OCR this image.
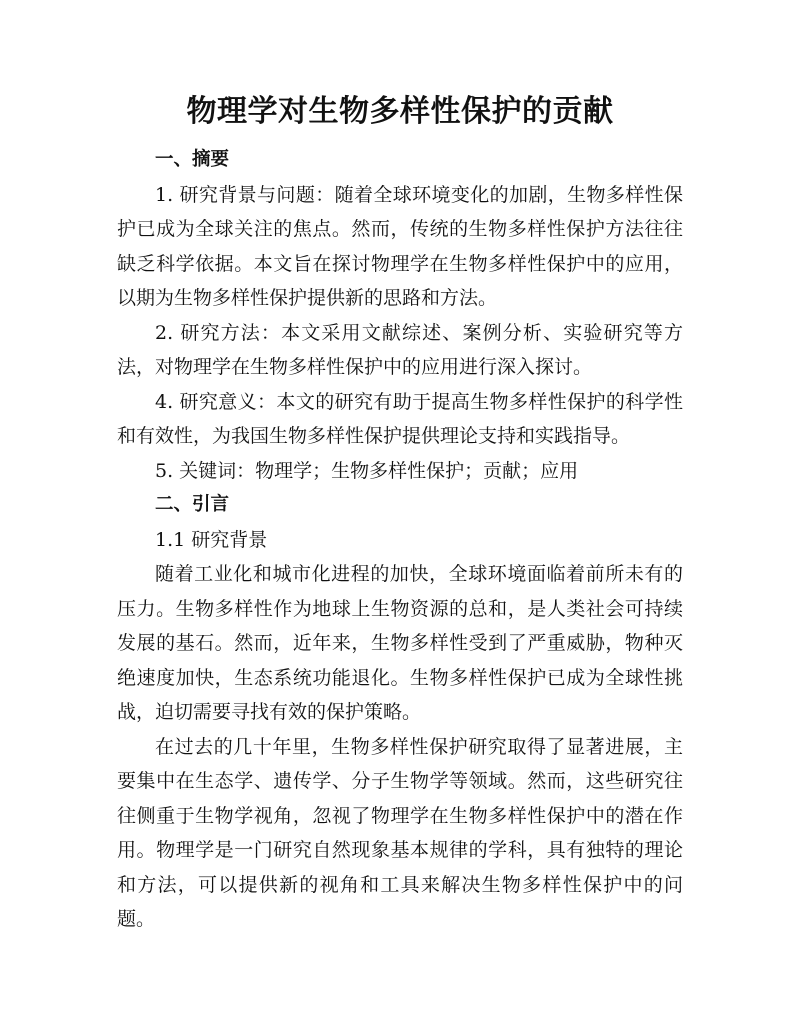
物理学对生物多样性保护的贡献
一、摘要

1. 研究背景与问题：随着全球环境变化的加剧，生物多样性保护已成为全球关注的焦点。然而，传统的生物多样性保护方法往往缺乏科学依据。本文旨在探讨物理学在生物多样性保护中的应用，以期为生物多样性保护提供新的思路和方法。

2. 研究方法：本文采用文献综述、案例分析、实验研究等方法，对物理学在生物多样性保护中的应用进行深入探讨。

4. 研究意义：本文的研究有助于提高生物多样性保护的科学性和有效性，为我国生物多样性保护提供理论支持和实践指导。

5. 关键词：物理学；生物多样性保护；贡献；应用

二、引言

1.1 研究背景

随着工业化和城市化进程的加快，全球环境面临着前所未有的压力。生物多样性作为地球上生物资源的总和，是人类社会可持续发展的基石。然而，近年来，生物多样性受到了严重威胁，物种灭绝速度加快，生态系统功能退化。生物多样性保护已成为全球性挑战，迫切需要寻找有效的保护策略。

在过去的几十年里，生物多样性保护研究取得了显著进展，主要集中在生态学、遗传学、分子生物学等领域。然而，这些研究往往侧重于生物学视角，忽视了物理学在生物多样性保护中的潜在作用。物理学是一门研究自然现象基本规律的学科，具有独特的理论和方法，可以提供新的视角和工具来解决生物多样性保护中的问题。
